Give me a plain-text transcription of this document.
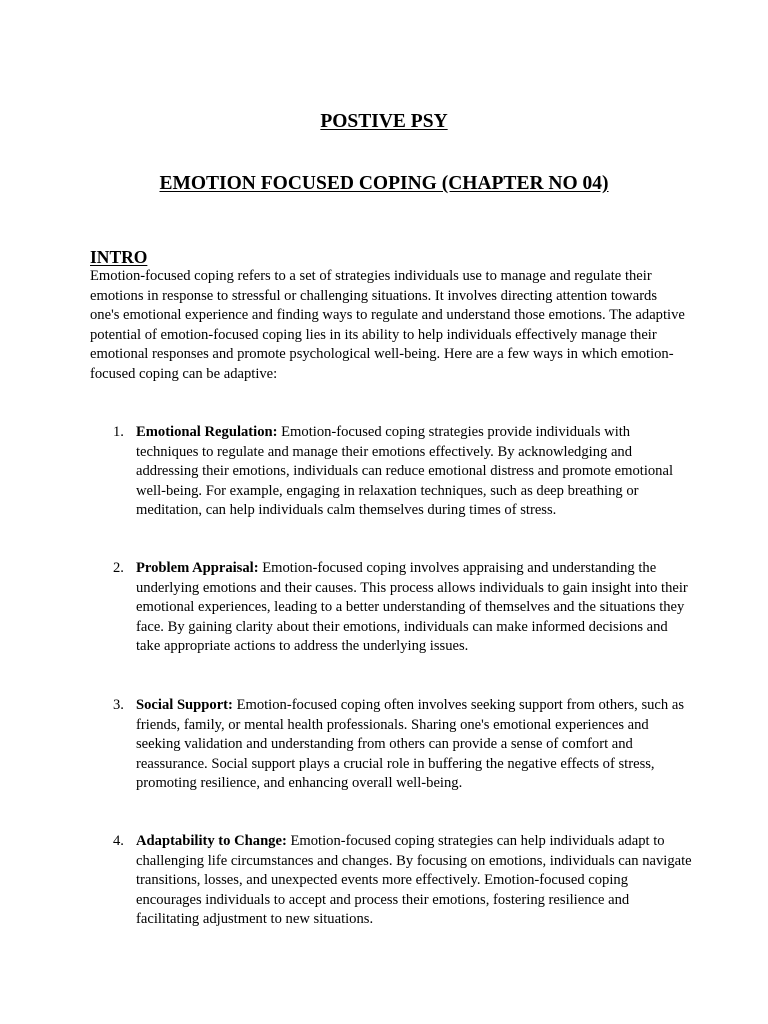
POSTIVE PSY
EMOTION FOCUSED COPING (CHAPTER NO 04)
INTRO

Emotion-focused coping refers to a set of strategies individuals use to manage and regulate their emotions in response to stressful or challenging situations. It involves directing attention towards one's emotional experience and finding ways to regulate and understand those emotions. The adaptive potential of emotion-focused coping lies in its ability to help individuals effectively manage their emotional responses and promote psychological well-being. Here are a few ways in which emotion-focused coping can be adaptive:

1. Emotional Regulation: Emotion-focused coping strategies provide individuals with techniques to regulate and manage their emotions effectively. By acknowledging and addressing their emotions, individuals can reduce emotional distress and promote emotional well-being. For example, engaging in relaxation techniques, such as deep breathing or meditation, can help individuals calm themselves during times of stress.
2. Problem Appraisal: Emotion-focused coping involves appraising and understanding the underlying emotions and their causes. This process allows individuals to gain insight into their emotional experiences, leading to a better understanding of themselves and the situations they face. By gaining clarity about their emotions, individuals can make informed decisions and take appropriate actions to address the underlying issues.
3. Social Support: Emotion-focused coping often involves seeking support from others, such as friends, family, or mental health professionals. Sharing one's emotional experiences and seeking validation and understanding from others can provide a sense of comfort and reassurance. Social support plays a crucial role in buffering the negative effects of stress, promoting resilience, and enhancing overall well-being.
4. Adaptability to Change: Emotion-focused coping strategies can help individuals adapt to challenging life circumstances and changes. By focusing on emotions, individuals can navigate transitions, losses, and unexpected events more effectively. Emotion-focused coping encourages individuals to accept and process their emotions, fostering resilience and facilitating adjustment to new situations.
